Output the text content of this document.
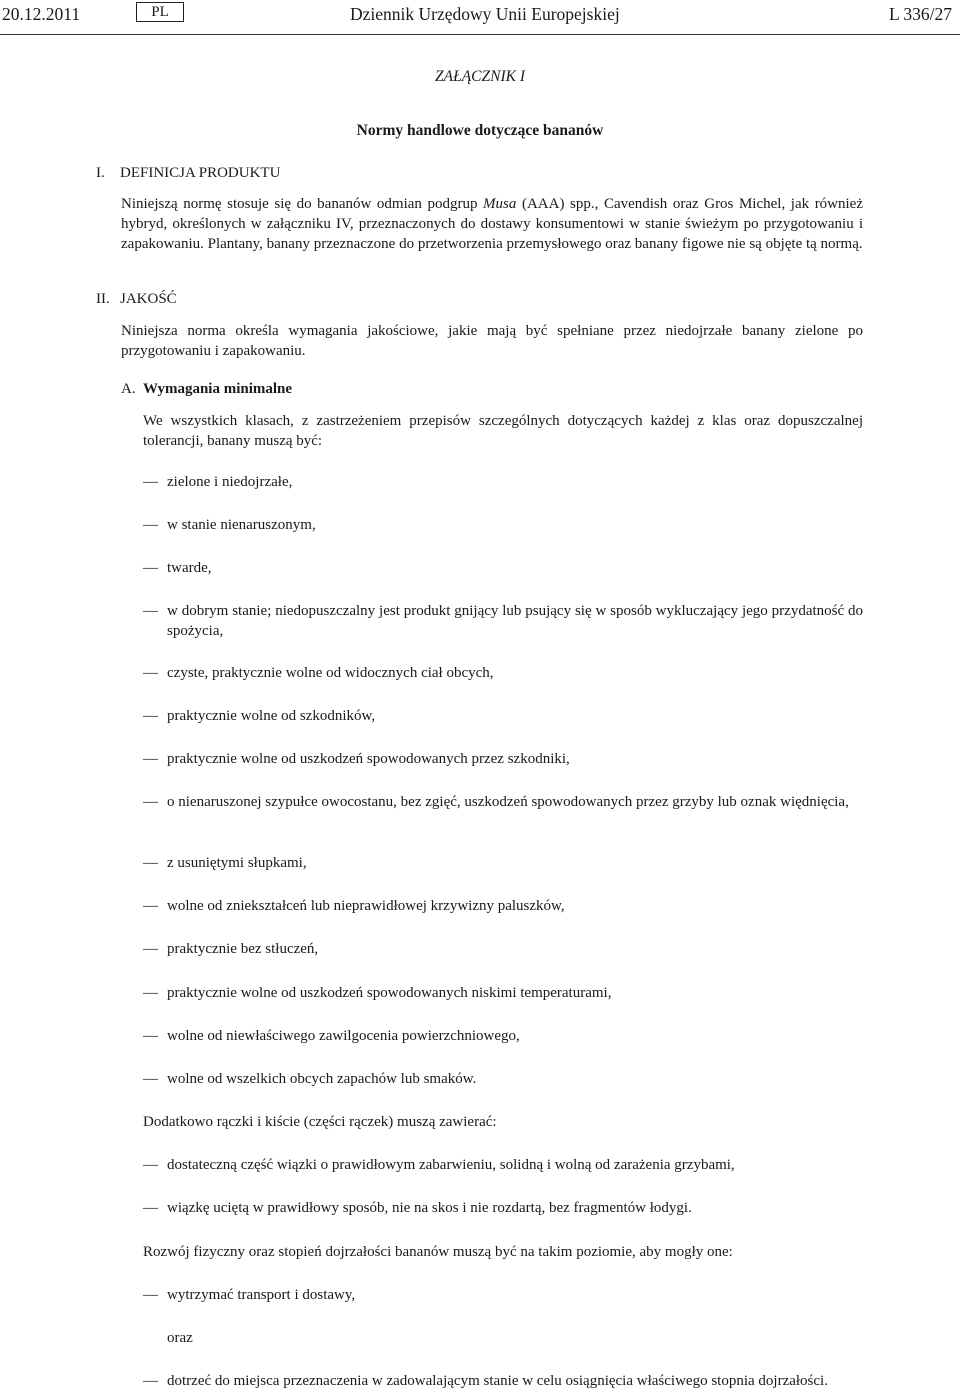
20.12.2011	PL	Dziennik Urzędowy Unii Europejskiej	L 336/27
ZAŁĄCZNIK I
Normy handlowe dotyczące bananów
I. DEFINICJA PRODUKTU
Niniejszą normę stosuje się do bananów odmian podgrup Musa (AAA) spp., Cavendish oraz Gros Michel, jak również hybryd, określonych w załączniku IV, przeznaczonych do dostawy konsumentowi w stanie świeżym po przygotowaniu i zapakowaniu. Plantany, banany przeznaczone do przetworzenia przemysłowego oraz banany figowe nie są objęte tą normą.
II. JAKOŚĆ
Niniejsza norma określa wymagania jakościowe, jakie mają być spełniane przez niedojrzałe banany zielone po przygotowaniu i zapakowaniu.
A. Wymagania minimalne
We wszystkich klasach, z zastrzeżeniem przepisów szczególnych dotyczących każdej z klas oraz dopuszczalnej tolerancji, banany muszą być:
— zielone i niedojrzałe,
— w stanie nienaruszonym,
— twarde,
— w dobrym stanie; niedopuszczalny jest produkt gnijący lub psujący się w sposób wykluczający jego przydatność do spożycia,
— czyste, praktycznie wolne od widocznych ciał obcych,
— praktycznie wolne od szkodników,
— praktycznie wolne od uszkodzeń spowodowanych przez szkodniki,
— o nienaruszonej szypułce owocostanu, bez zgięć, uszkodzeń spowodowanych przez grzyby lub oznak więdnięcia,
— z usuniętymi słupkami,
— wolne od zniekształceń lub nieprawidłowej krzywizny paluszków,
— praktycznie bez stłuczeń,
— praktycznie wolne od uszkodzeń spowodowanych niskimi temperaturami,
— wolne od niewłaściwego zawilgocenia powierzchniowego,
— wolne od wszelkich obcych zapachów lub smaków.
Dodatkowo rączki i kiście (części rączek) muszą zawierać:
— dostateczną część wiązki o prawidłowym zabarwieniu, solidną i wolną od zarażenia grzybami,
— wiązkę uciętą w prawidłowy sposób, nie na skos i nie rozdartą, bez fragmentów łodygi.
Rozwój fizyczny oraz stopień dojrzałości bananów muszą być na takim poziomie, aby mogły one:
— wytrzymać transport i dostawy,
oraz
— dotrzeć do miejsca przeznaczenia w zadowalającym stanie w celu osiągnięcia właściwego stopnia dojrzałości.
